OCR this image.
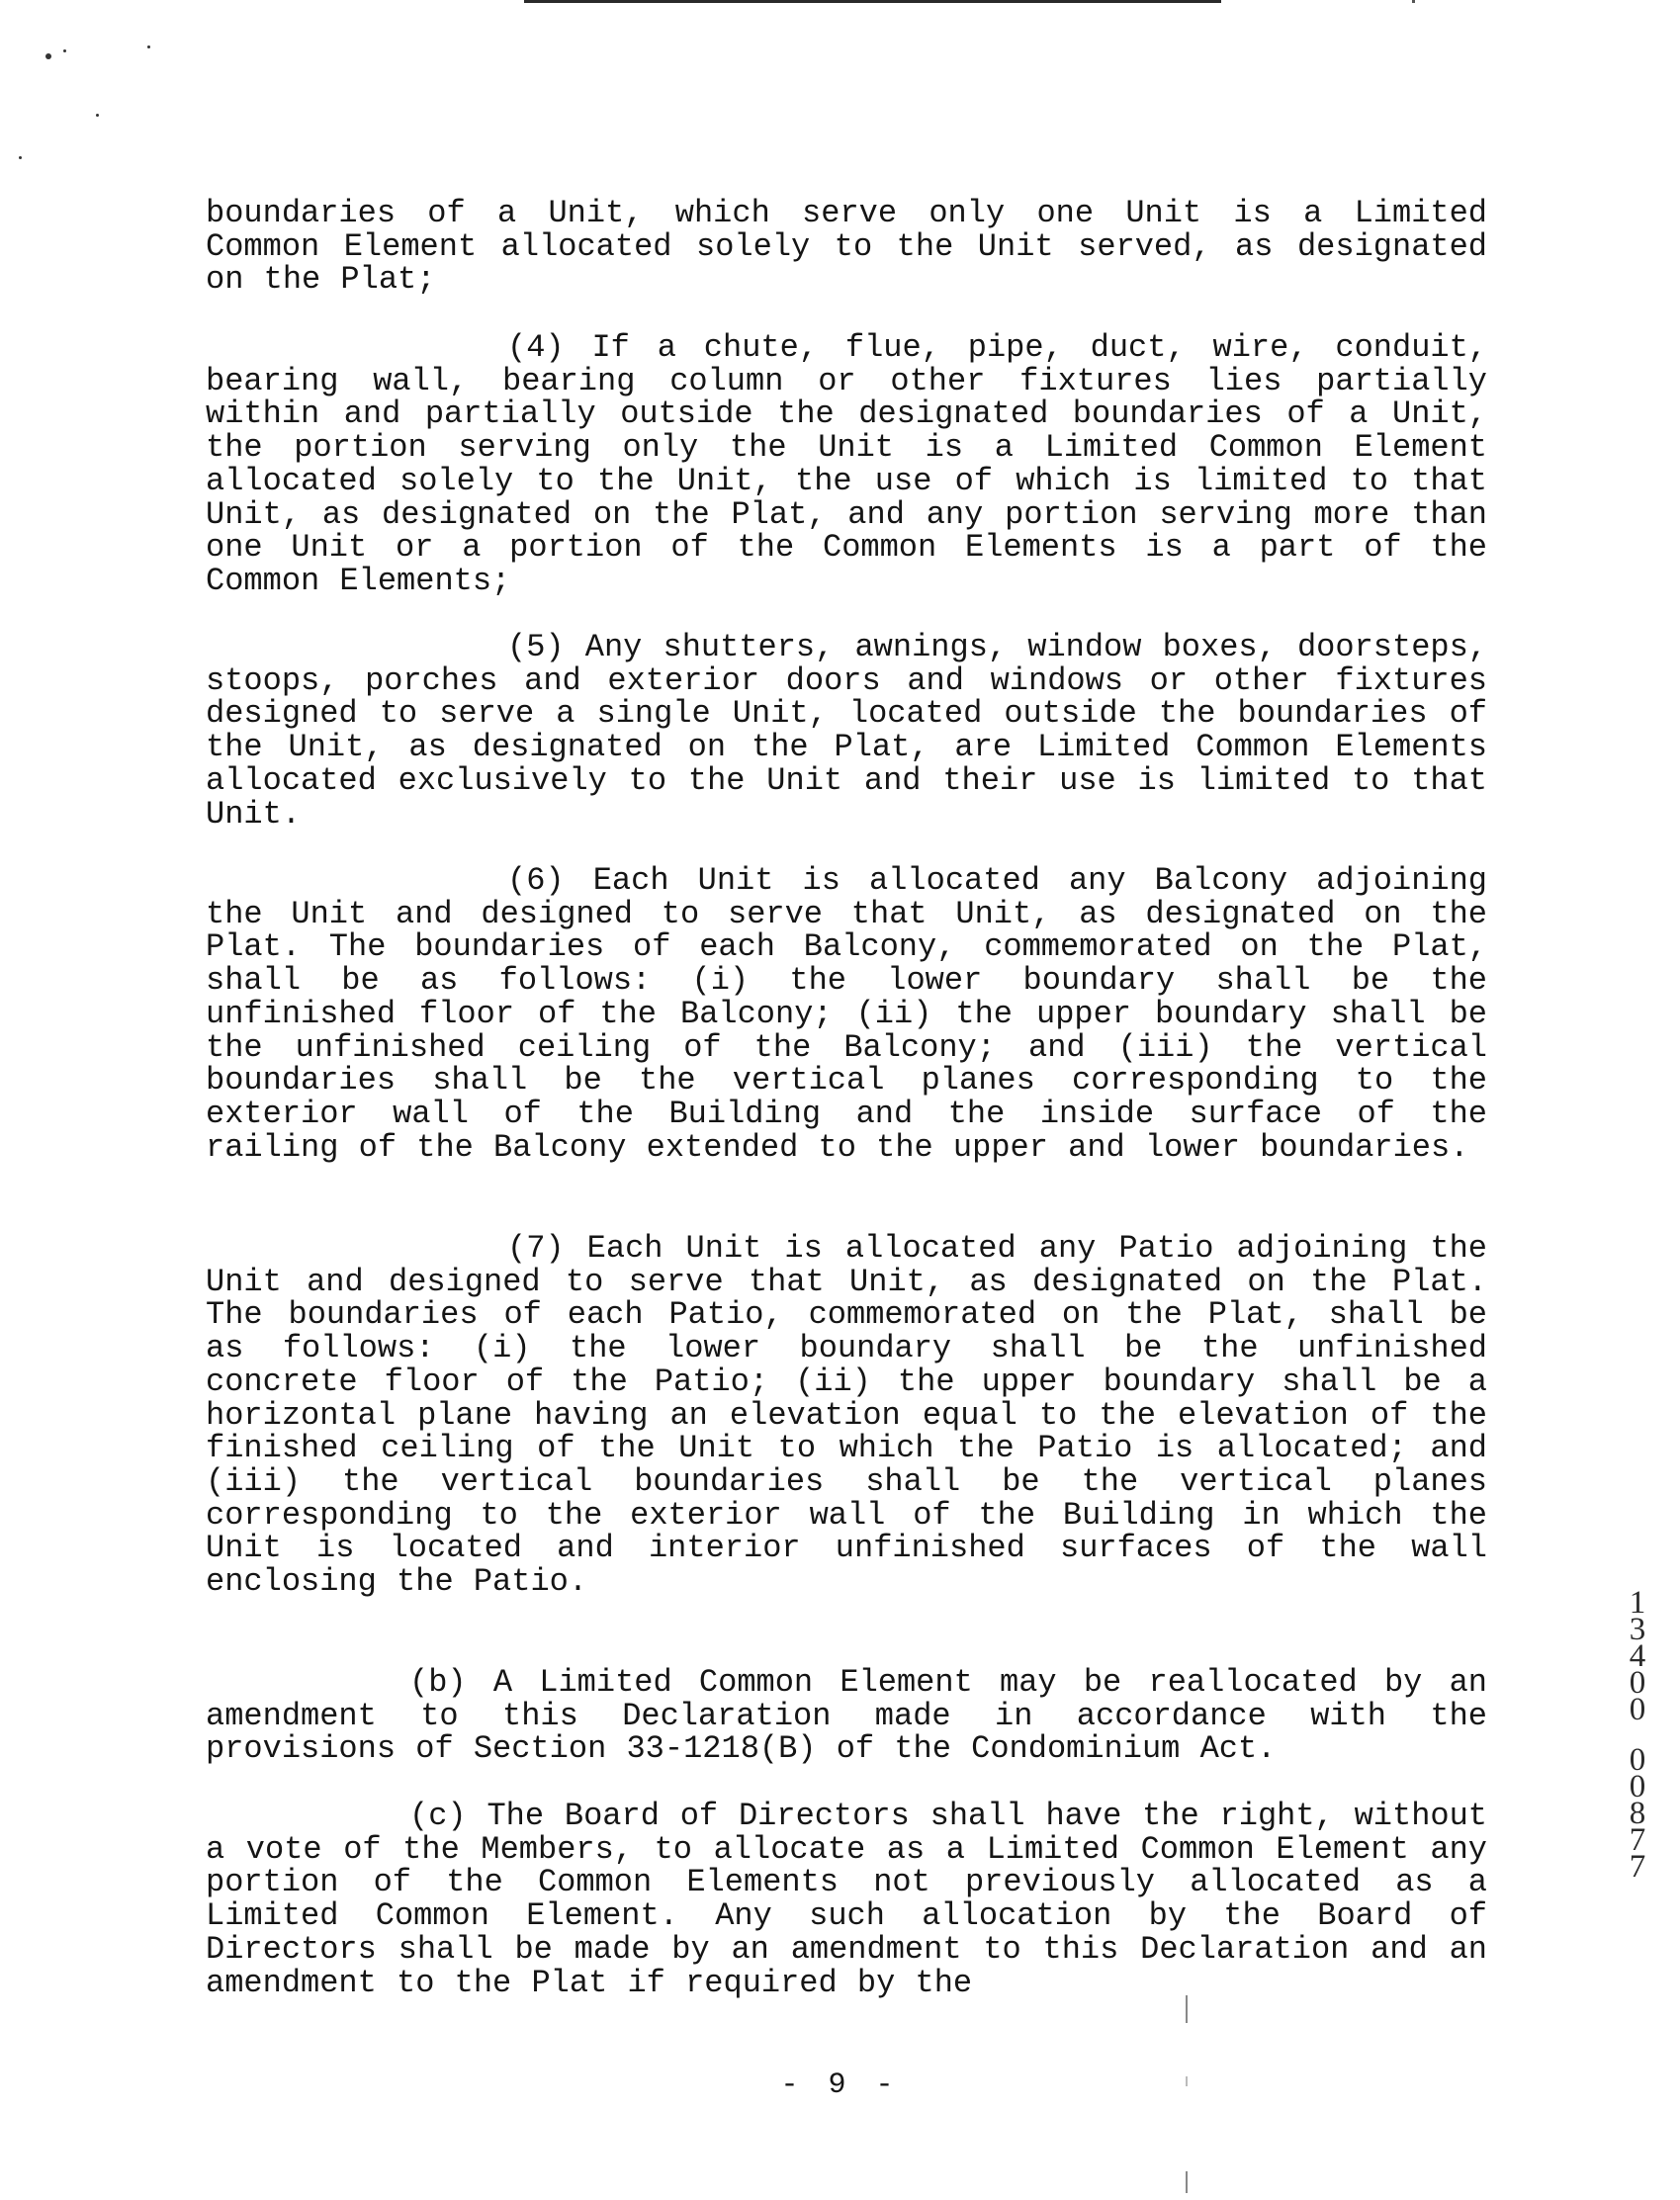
boundaries of a Unit, which serve only one Unit is a Limited Common Element allocated solely to the Unit served, as designated on the Plat;
(4) If a chute, flue, pipe, duct, wire, conduit, bearing wall, bearing column or other fixtures lies partially within and partially outside the designated boundaries of a Unit, the portion serving only the Unit is a Limited Common Element allocated solely to the Unit, the use of which is limited to that Unit, as designated on the Plat, and any portion serving more than one Unit or a portion of the Common Elements is a part of the Common Elements;
(5) Any shutters, awnings, window boxes, doorsteps, stoops, porches and exterior doors and windows or other fixtures designed to serve a single Unit, located outside the boundaries of the Unit, as designated on the Plat, are Limited Common Elements allocated exclusively to the Unit and their use is limited to that Unit.
(6) Each Unit is allocated any Balcony adjoining the Unit and designed to serve that Unit, as designated on the Plat. The boundaries of each Balcony, commemorated on the Plat, shall be as follows: (i) the lower boundary shall be the unfinished floor of the Balcony; (ii) the upper boundary shall be the unfinished ceiling of the Balcony; and (iii) the vertical boundaries shall be the vertical planes corresponding to the exterior wall of the Building and the inside surface of the railing of the Balcony extended to the upper and lower boundaries.
(7) Each Unit is allocated any Patio adjoining the Unit and designed to serve that Unit, as designated on the Plat. The boundaries of each Patio, commemorated on the Plat, shall be as follows: (i) the lower boundary shall be the unfinished concrete floor of the Patio; (ii) the upper boundary shall be a horizontal plane having an elevation equal to the elevation of the finished ceiling of the Unit to which the Patio is allocated; and (iii) the vertical boundaries shall be the vertical planes corresponding to the exterior wall of the Building in which the Unit is located and interior unfinished surfaces of the wall enclosing the Patio.
(b) A Limited Common Element may be reallocated by an amendment to this Declaration made in accordance with the provisions of Section 33-1218(B) of the Condominium Act.
(c) The Board of Directors shall have the right, without a vote of the Members, to allocate as a Limited Common Element any portion of the Common Elements not previously allocated as a Limited Common Element. Any such allocation by the Board of Directors shall be made by an amendment to this Declaration and an amendment to the Plat if required by the
- 9 -
1
3
4
0
0
0
0
8
7
7
